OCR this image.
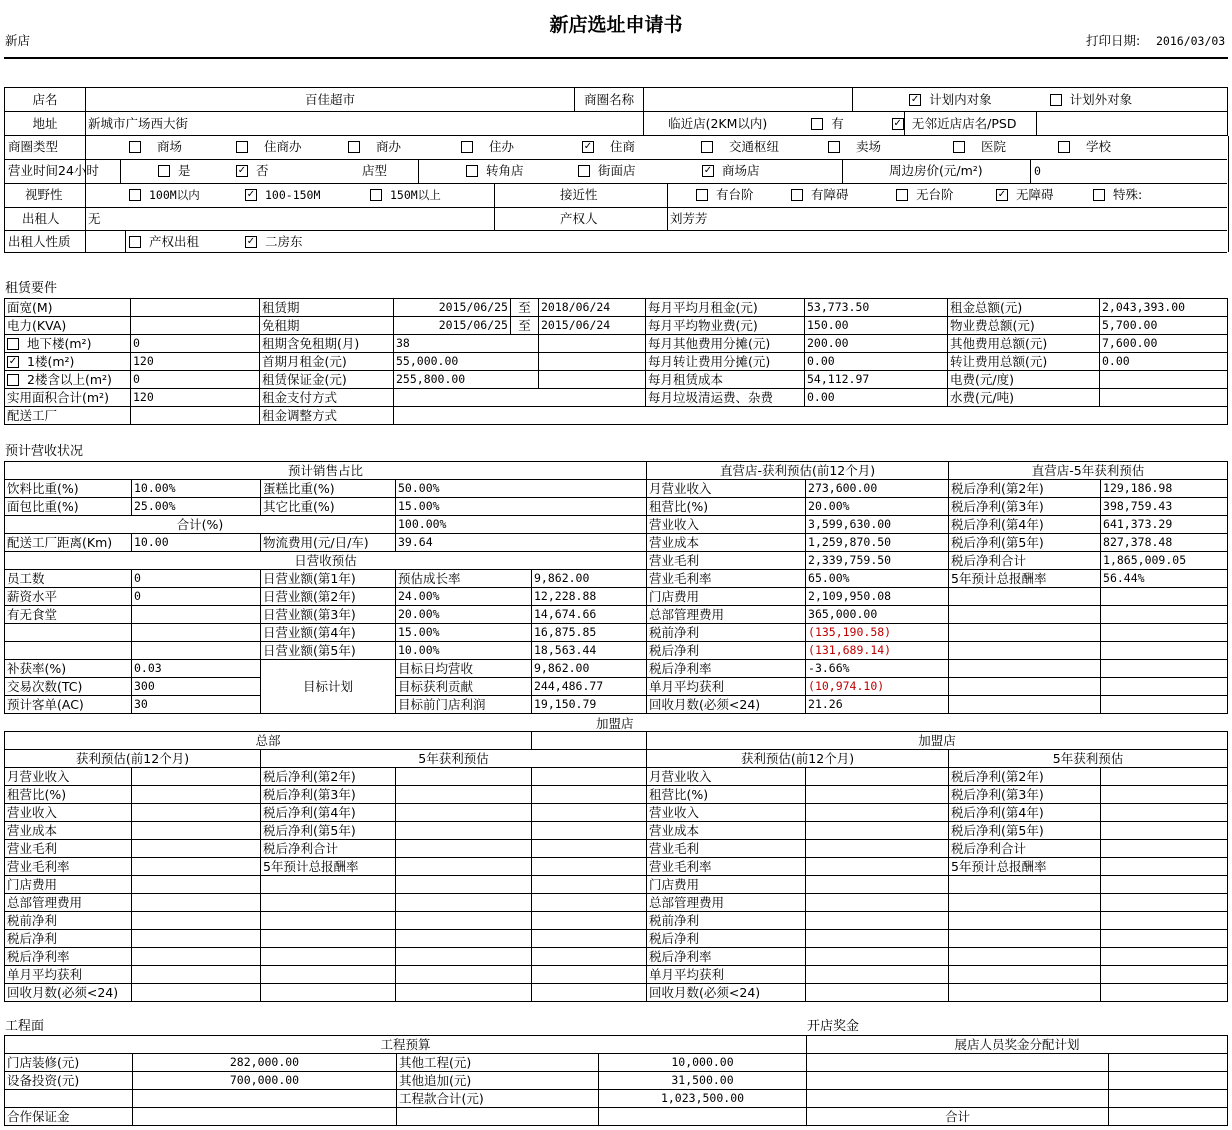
新店选址申请书
新店	打印日期: 2016/03/03
店名	百佳超市	商圈名称		✓ 计划内对象 计划外对象		
地址	新城市广场西大街		临近店(2KM以内) 有 ✓ 无		邻近店店名/PSD	
商圈类型	商场	住商办	商办	住办	✓ 住商	交通枢纽	卖场	医院	学校
营业时间24小时	是	✓ 否	店型	转角店	街面店	✓ 商场店	周边房价(元/m²)	0
视野性	100M以内	✓ 100-150M	150M以上	接近性	有台阶	有障碍	无台阶	✓ 无障碍	特殊:
出租人 无	产权人	刘芳芳
出租人性质	产权出租	✓ 二房东
租赁要件
面宽(M)		租赁期	2015/06/25	至	2018/06/24	每月平均月租金(元)	53,773.50	租金总额(元)	2,043,393.00
电力(KVA)		免租期	2015/06/25	至	2015/06/24	每月平均物业费(元)	150.00	物业费总额(元)	5,700.00
地下楼(m²)	0	租期含免租期(月)	38			每月其他费用分摊(元)	200.00	其他费用总额(元)	7,600.00
✓ 1楼(m²)	120	首期月租金(元)	55,000.00			每月转让费用分摊(元)	0.00	转让费用总额(元)	0.00
2楼含以上(m²)	0	租赁保证金(元)	255,800.00			每月租赁成本	54,112.97	电费(元/度)	
实用面积合计(m²)	120	租金支付方式				每月垃圾清运费、杂费	0.00	水费(元/吨)	
配送工厂		租金调整方式							
预计营收状况
预计销售占比					直营店-获利预估(前12个月)		直营店-5年获利预估	
饮料比重(%)	10.00%	蛋糕比重(%)	50.00%		月营业收入	273,600.00	税后净利(第2年)	129,186.98
面包比重(%)	25.00%	其它比重(%)	15.00%		租营比(%)	20.00%	税后净利(第3年)	398,759.43
合计(%)			100.00%		营业收入	3,599,630.00	税后净利(第4年)	641,373.29
配送工厂距离(Km)	10.00	物流费用(元/日/车)	39.64		营业成本	1,259,870.50	税后净利(第5年)	827,378.48
日营收预估					营业毛利	2,339,759.50	税后净利合计	1,865,009.05
员工数	0	日营业额(第1年)	预估成长率	9,862.00	营业毛利率	65.00%	5年预计总报酬率	56.44%
薪资水平	0	日营业额(第2年)	24.00%	12,228.88	门店费用	2,109,950.08		
有无食堂		日营业额(第3年)	20.00%	14,674.66	总部管理费用	365,000.00		
		日营业额(第4年)	15.00%	16,875.85	税前净利	(135,190.58)		
		日营业额(第5年)	10.00%	18,563.44	税后净利	(131,689.14)		
补获率(%)	0.03	目标计划	目标日均营收	9,862.00	税后净利率	-3.66%		
交易次数(TC)	300		目标获利贡献	244,486.77	单月平均获利	(10,974.10)		
预计客单(AC)	30		目标前门店利润	19,150.79	回收月数(必须<24)	21.26		
加盟店
总部					加盟店			
获利预估(前12个月)		5年获利预估			获利预估(前12个月)		5年获利预估	
月营业收入		税后净利(第2年)			月营业收入		税后净利(第2年)	
租营比(%)		税后净利(第3年)			租营比(%)		税后净利(第3年)	
营业收入		税后净利(第4年)			营业收入		税后净利(第4年)	
营业成本		税后净利(第5年)			营业成本		税后净利(第5年)	
营业毛利		税后净利合计			营业毛利		税后净利合计	
营业毛利率		5年预计总报酬率			营业毛利率		5年预计总报酬率	
门店费用					门店费用			
总部管理费用					总部管理费用			
税前净利					税前净利			
税后净利					税后净利			
税后净利率					税后净利率			
单月平均获利					单月平均获利			
回收月数(必须<24)					回收月数(必须<24)			
工程面	开店奖金
工程预算				展店人员奖金分配计划	
门店装修(元)	282,000.00	其他工程(元)	10,000.00		
设备投资(元)	700,000.00	其他追加(元)	31,500.00		
		工程款合计(元)	1,023,500.00		
合作保证金				合计	
